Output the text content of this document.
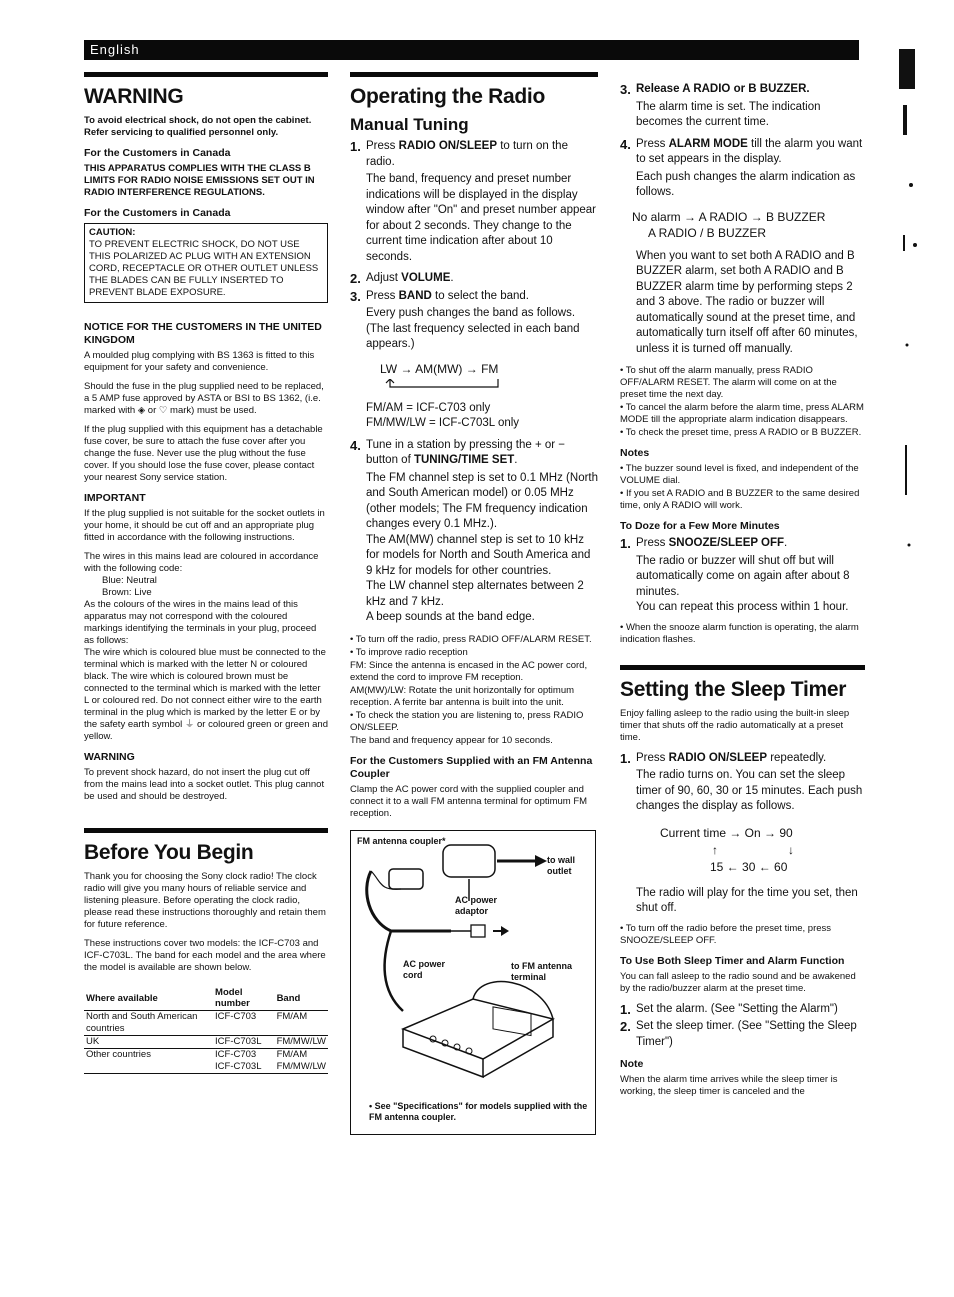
English
WARNING

To avoid electrical shock, do not open the cabinet. Refer servicing to qualified personnel only.

For the Customers in Canada

THIS APPARATUS COMPLIES WITH THE CLASS B LIMITS FOR RADIO NOISE EMISSIONS SET OUT IN RADIO INTERFERENCE REGULATIONS.

For the Customers in Canada
CAUTION:
TO PREVENT ELECTRIC SHOCK, DO NOT USE THIS POLARIZED AC PLUG WITH AN EXTENSION CORD, RECEPTACLE OR OTHER OUTLET UNLESS THE BLADES CAN BE FULLY INSERTED TO PREVENT BLADE EXPOSURE.
NOTICE FOR THE CUSTOMERS IN THE UNITED KINGDOM

A moulded plug complying with BS 1363 is fitted to this equipment for your safety and convenience.

Should the fuse in the plug supplied need to be replaced, a 5 AMP fuse approved by ASTA or BSI to BS 1362, (i.e. marked with ◈ or ♡ mark) must be used.

If the plug supplied with this equipment has a detachable fuse cover, be sure to attach the fuse cover after you change the fuse. Never use the plug without the fuse cover. If you should lose the fuse cover, please contact your nearest Sony service station.

IMPORTANT

If the plug supplied is not suitable for the socket outlets in your home, it should be cut off and an appropriate plug fitted in accordance with the following instructions.

The wires in this mains lead are coloured in accordance with the following code:

Blue: Neutral

Brown: Live

As the colours of the wires in the mains lead of this apparatus may not correspond with the coloured markings identifying the terminals in your plug, proceed as follows:

The wire which is coloured blue must be connected to the terminal which is marked with the letter N or coloured black. The wire which is coloured brown must be connected to the terminal which is marked with the letter L or coloured red. Do not connect either wire to the earth terminal in the plug which is marked by the letter E or by the safety earth symbol ⏚ or coloured green or green and yellow.

WARNING

To prevent shock hazard, do not insert the plug cut off from the mains lead into a socket outlet. This plug cannot be used and should be destroyed.

Before You Begin

Thank you for choosing the Sony clock radio! The clock radio will give you many hours of reliable service and listening pleasure. Before operating the clock radio, please read these instructions thoroughly and retain them for future reference.

These instructions cover two models: the ICF-C703 and ICF-C703L. The band for each model and the area where the model is available are shown below.

Where available	Model number	Band
North and South American countries	ICF-C703	FM/AM
UK	ICF-C703L	FM/MW/LW
Other countries	ICF-C703	FM/AM
	ICF-C703L	FM/MW/LW
Operating the Radio
Manual Tuning
1. Press RADIO ON/SLEEP to turn on the radio.
The band, frequency and preset number indications will be displayed in the display window after "On" and preset number appear for about 2 seconds. They change to the current time indication after about 10 seconds.
2. Adjust VOLUME.
3. Press BAND to select the band.
Every push changes the band as follows. (The last frequency selected in each band appears.)
LW → AM(MW) → FM
FM/AM = ICF-C703 only
FM/MW/LW = ICF-C703L only
4. Tune in a station by pressing the + or − button of TUNING/TIME SET.
The FM channel step is set to 0.1 MHz (North and South American model) or 0.05 MHz (other models; The FM frequency indication changes every 0.1 MHz.).
The AM(MW) channel step is set to 10 kHz for models for North and South America and 9 kHz for models for other countries.
The LW channel step alternates between 2 kHz and 7 kHz.
A beep sounds at the band edge.

• To turn off the radio, press RADIO OFF/ALARM RESET.

• To improve radio reception

FM: Since the antenna is encased in the AC power cord, extend the cord to improve FM reception.

AM(MW)/LW: Rotate the unit horizontally for optimum reception. A ferrite bar antenna is built into the unit.

• To check the station you are listening to, press RADIO ON/SLEEP.

The band and frequency appear for 10 seconds.

For the Customers Supplied with an FM Antenna Coupler

Clamp the AC power cord with the supplied coupler and connect it to a wall FM antenna terminal for optimum FM reception.

FM antenna coupler*
to wall outlet
AC power adaptor
AC power cord
to FM antenna terminal
• See "Specifications" for models supplied with the FM antenna coupler.
3. Release A RADIO or B BUZZER.
The alarm time is set. The indication becomes the current time.
4. Press ALARM MODE till the alarm you want to set appears in the display.
Each push changes the alarm indication as follows.
No alarm → A RADIO → B BUZZER
A RADIO / B BUZZER
When you want to set both A RADIO and B BUZZER alarm, set both A RADIO and B BUZZER alarm time by performing steps 2 and 3 above. The radio or buzzer will automatically sound at the preset time, and automatically turn itself off after 60 minutes, unless it is turned off manually.

• To shut off the alarm manually, press RADIO OFF/ALARM RESET. The alarm will come on at the preset time the next day.

• To cancel the alarm before the alarm time, press ALARM MODE till the appropriate alarm indication disappears.

• To check the preset time, press A RADIO or B BUZZER.

Notes

• The buzzer sound level is fixed, and independent of the VOLUME dial.

• If you set A RADIO and B BUZZER to the same desired time, only A RADIO will work.

To Doze for a Few More Minutes
1. Press SNOOZE/SLEEP OFF.
The radio or buzzer will shut off but will automatically come on again after about 8 minutes.
You can repeat this process within 1 hour.

• When the snooze alarm function is operating, the alarm indication flashes.

Setting the Sleep Timer

Enjoy falling asleep to the radio using the built-in sleep timer that shuts off the radio automatically at a preset time.

1. Press RADIO ON/SLEEP repeatedly.
The radio turns on. You can set the sleep timer of 90, 60, 30 or 15 minutes. Each push changes the display as follows.
Current time → On → 90
↑                     ↓
15 ← 30 ← 60
The radio will play for the time you set, then shut off.

• To turn off the radio before the preset time, press SNOOZE/SLEEP OFF.

To Use Both Sleep Timer and Alarm Function

You can fall asleep to the radio sound and be awakened by the radio/buzzer alarm at the preset time.

1. Set the alarm. (See "Setting the Alarm")
2. Set the sleep timer. (See "Setting the Sleep Timer")
Note

When the alarm time arrives while the sleep timer is working, the sleep timer is canceled and the
